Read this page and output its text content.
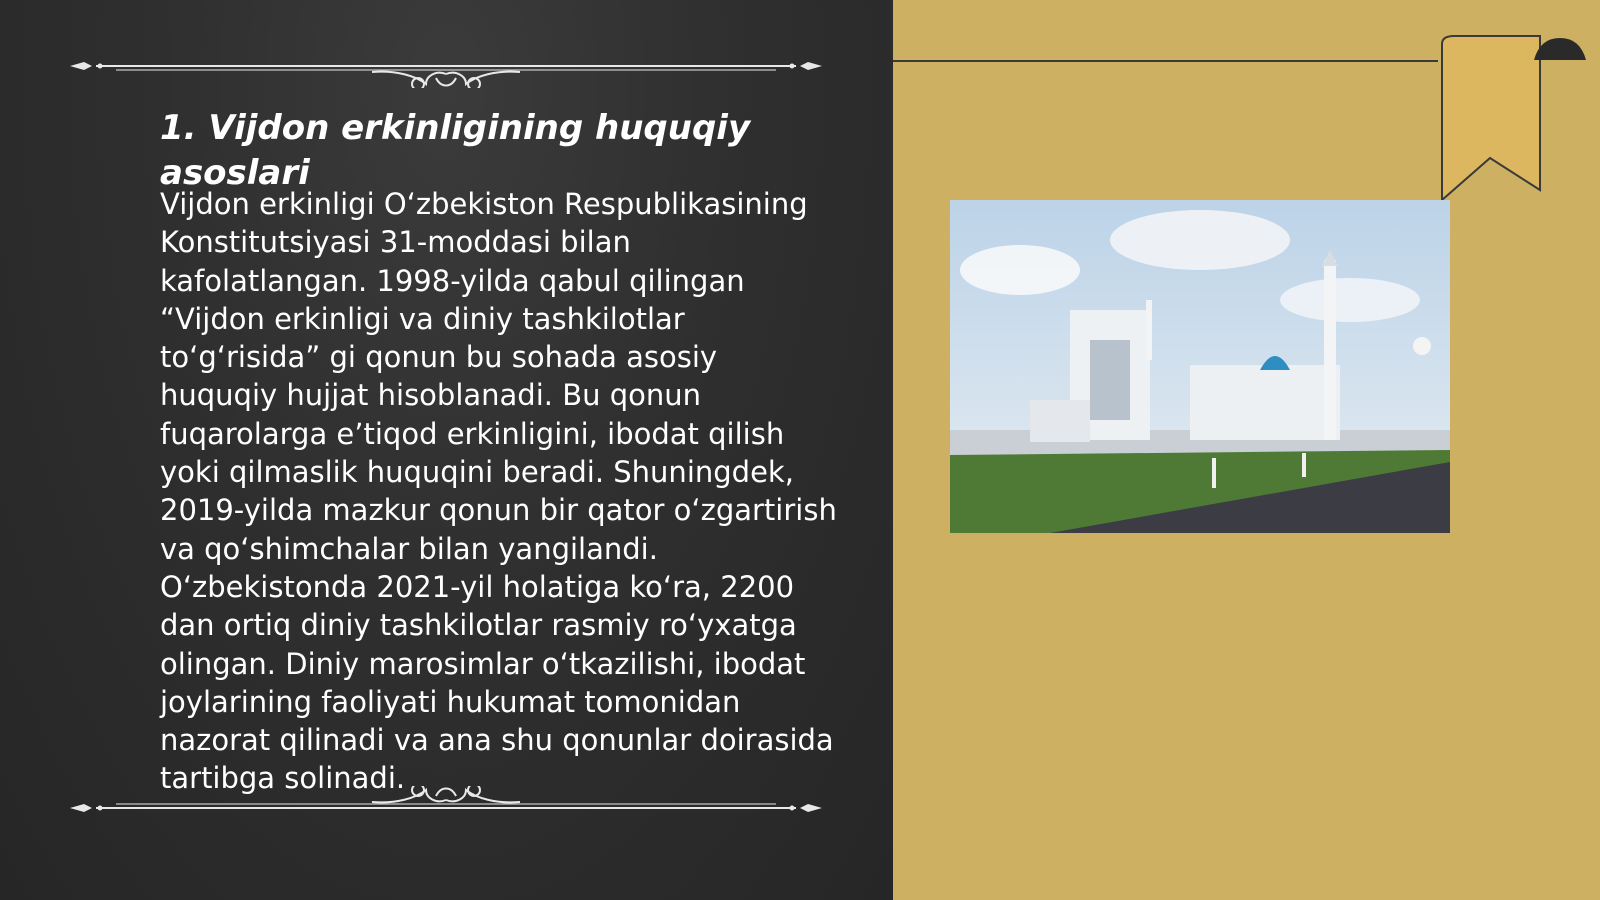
1. Vijdon erkinligining huquqiy asoslari

Vijdon erkinligi O‘zbekiston Respublikasining Konstitutsiyasi 31-moddasi bilan kafolatlangan. 1998-yilda qabul qilingan “Vijdon erkinligi va diniy tashkilotlar to‘g‘risida” gi qonun bu sohada asosiy huquqiy hujjat hisoblanadi. Bu qonun fuqarolarga e’tiqod erkinligini, ibodat qilish yoki qilmaslik huquqini beradi. Shuningdek, 2019-yilda mazkur qonun bir qator o‘zgartirish va qo‘shimchalar bilan yangilandi. O‘zbekistonda 2021-yil holatiga ko‘ra, 2200 dan ortiq diniy tashkilotlar rasmiy ro‘yxatga olingan. Diniy marosimlar o‘tkazilishi, ibodat joylarining faoliyati hukumat tomonidan nazorat qilinadi va ana shu qonunlar doirasida tartibga solinadi.
